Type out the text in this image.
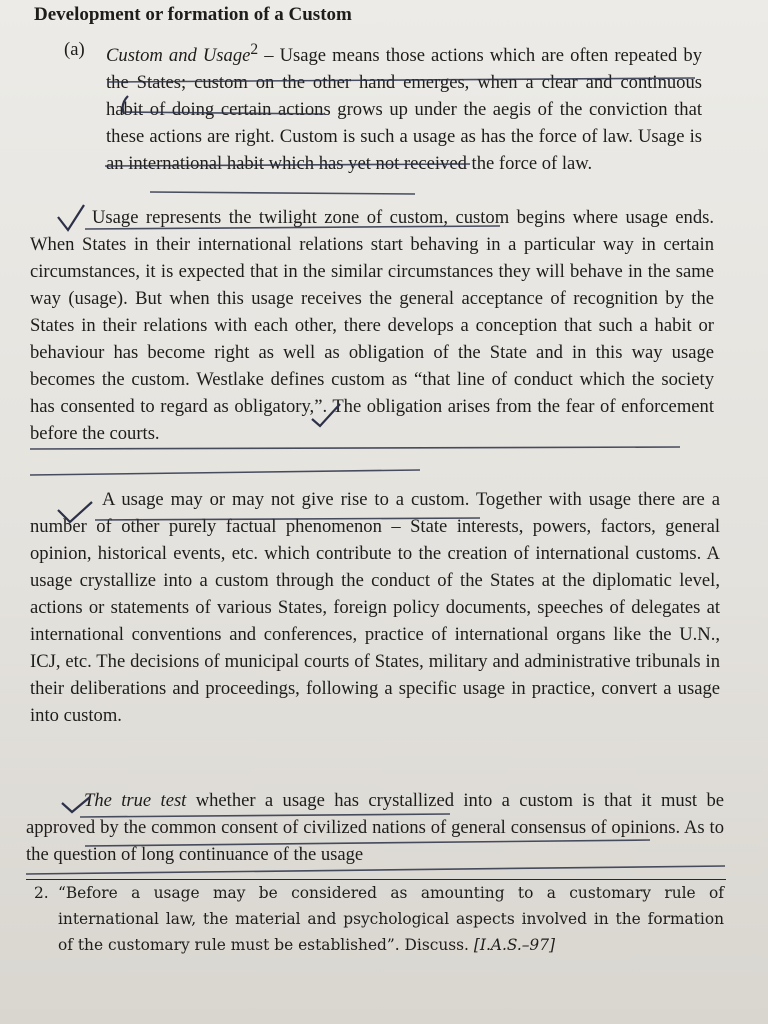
Development or formation of a Custom

(a) Custom and Usage$^2$ – Usage means those actions which are often repeated by the States; custom on the other hand emerges, when a clear and continuous habit of doing certain actions grows up under the aegis of the conviction that these actions are right. Custom is such a usage as has the force of law. Usage is an international habit which has yet not received the force of law.

Usage represents the twilight zone of custom, custom begins where usage ends. When States in their international relations start behaving in a particular way in certain circumstances, it is expected that in the similar circumstances they will behave in the same way (usage). But when this usage receives the general acceptance of recognition by the States in their relations with each other, there develops a conception that such a habit or behaviour has become right as well as obligation of the State and in this way usage becomes the custom. Westlake defines custom as “that line of conduct which the society has consented to regard as obligatory,”. The obligation arises from the fear of enforcement before the courts.

A usage may or may not give rise to a custom. Together with usage there are a number of other purely factual phenomenon – State interests, powers, factors, general opinion, historical events, etc. which contribute to the creation of international customs. A usage crystallize into a custom through the conduct of the States at the diplomatic level, actions or statements of various States, foreign policy documents, speeches of delegates at international conventions and conferences, practice of international organs like the U.N., ICJ, etc. The decisions of municipal courts of States, military and administrative tribunals in their deliberations and proceedings, following a specific usage in practice, convert a usage into custom.

The true test whether a usage has crystallized into a custom is that it must be approved by the common consent of civilized nations of general consensus of opinions. As to the question of long continuance of the usage

2. “Before a usage may be considered as amounting to a customary rule of international law, the material and psychological aspects involved in the formation of the customary rule must be established”. Discuss. [I.A.S.–97]
